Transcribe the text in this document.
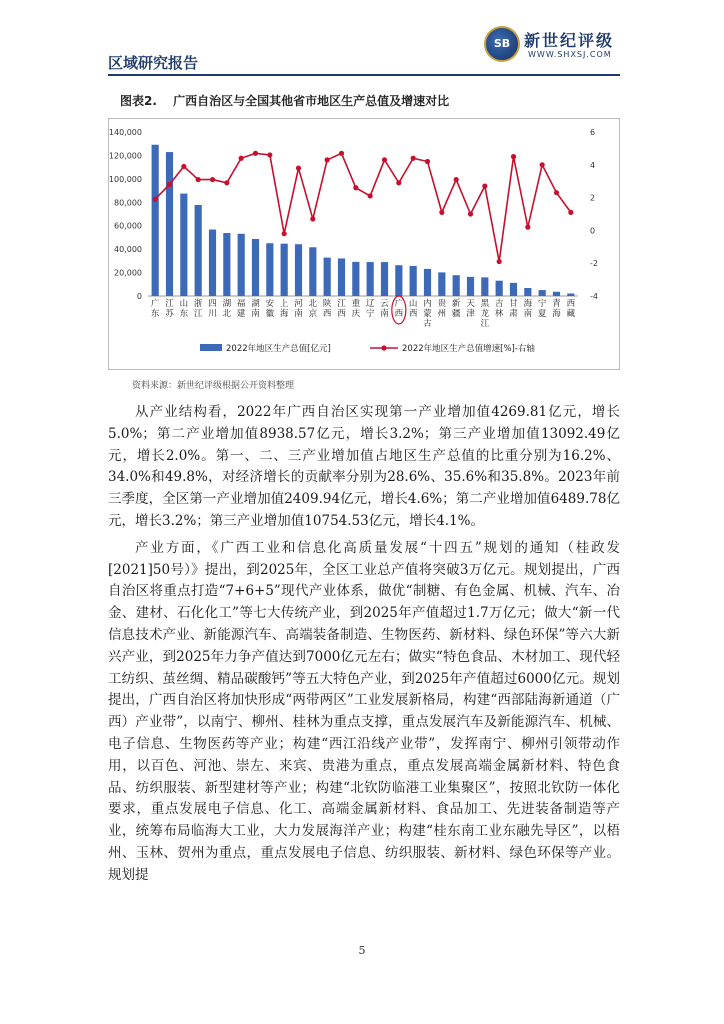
区域研究报告
SB 新世纪评级
WWW.SHXSJ.COM
图表2. 广西自治区与全国其他省市地区生产总值及增速对比
0
20,000
40,000
60,000
80,000
100,000
120,000
140,000
-4
-2
0
2
4
6
广
东
江
苏
山
东
浙
江
四
川
湖
北
福
建
湖
南
安
徽
上
海
河
南
北
京
陕
西
江
西
重
庆
辽
宁
云
南
广
西
山
西
内
蒙
古
贵
州
新
疆
天
津
黑
龙
江
吉
林
甘
肃
海
南
宁
夏
青
海
西
藏
2022年地区生产总值[亿元]	2022年地区生产总值增速[%]-右轴
资料来源：新世纪评级根据公开资料整理

从产业结构看，2022年广西自治区实现第一产业增加值4269.81亿元，增长5.0%；第二产业增加值8938.57亿元，增长3.2%；第三产业增加值13092.49亿元，增长2.0%。第一、二、三产业增加值占地区生产总值的比重分别为16.2%、34.0%和49.8%，对经济增长的贡献率分别为28.6%、35.6%和35.8%。2023年前三季度，全区第一产业增加值2409.94亿元，增长4.6%；第二产业增加值6489.78亿元，增长3.2%；第三产业增加值10754.53亿元，增长4.1%。

产业方面，《广西工业和信息化高质量发展“十四五”规划的通知（桂政发[2021]50号）》提出，到2025年，全区工业总产值将突破3万亿元。规划提出，广西自治区将重点打造“7+6+5”现代产业体系，做优“制糖、有色金属、机械、汽车、冶金、建材、石化化工”等七大传统产业，到2025年产值超过1.7万亿元；做大“新一代信息技术产业、新能源汽车、高端装备制造、生物医药、新材料、绿色环保”等六大新兴产业，到2025年力争产值达到7000亿元左右；做实“特色食品、木材加工、现代轻工纺织、茧丝绸、精品碳酸钙”等五大特色产业，到2025年产值超过6000亿元。规划提出，广西自治区将加快形成“两带两区”工业发展新格局，构建“西部陆海新通道（广西）产业带”，以南宁、柳州、桂林为重点支撑，重点发展汽车及新能源汽车、机械、电子信息、生物医药等产业；构建“西江沿线产业带”，发挥南宁、柳州引领带动作用，以百色、河池、崇左、来宾、贵港为重点，重点发展高端金属新材料、特色食品、纺织服装、新型建材等产业；构建“北钦防临港工业集聚区”，按照北钦防一体化要求，重点发展电子信息、化工、高端金属新材料、食品加工、先进装备制造等产业，统筹布局临海大工业，大力发展海洋产业；构建“桂东南工业东融先导区”，以梧州、玉林、贺州为重点，重点发展电子信息、纺织服装、新材料、绿色环保等产业。规划提

5
